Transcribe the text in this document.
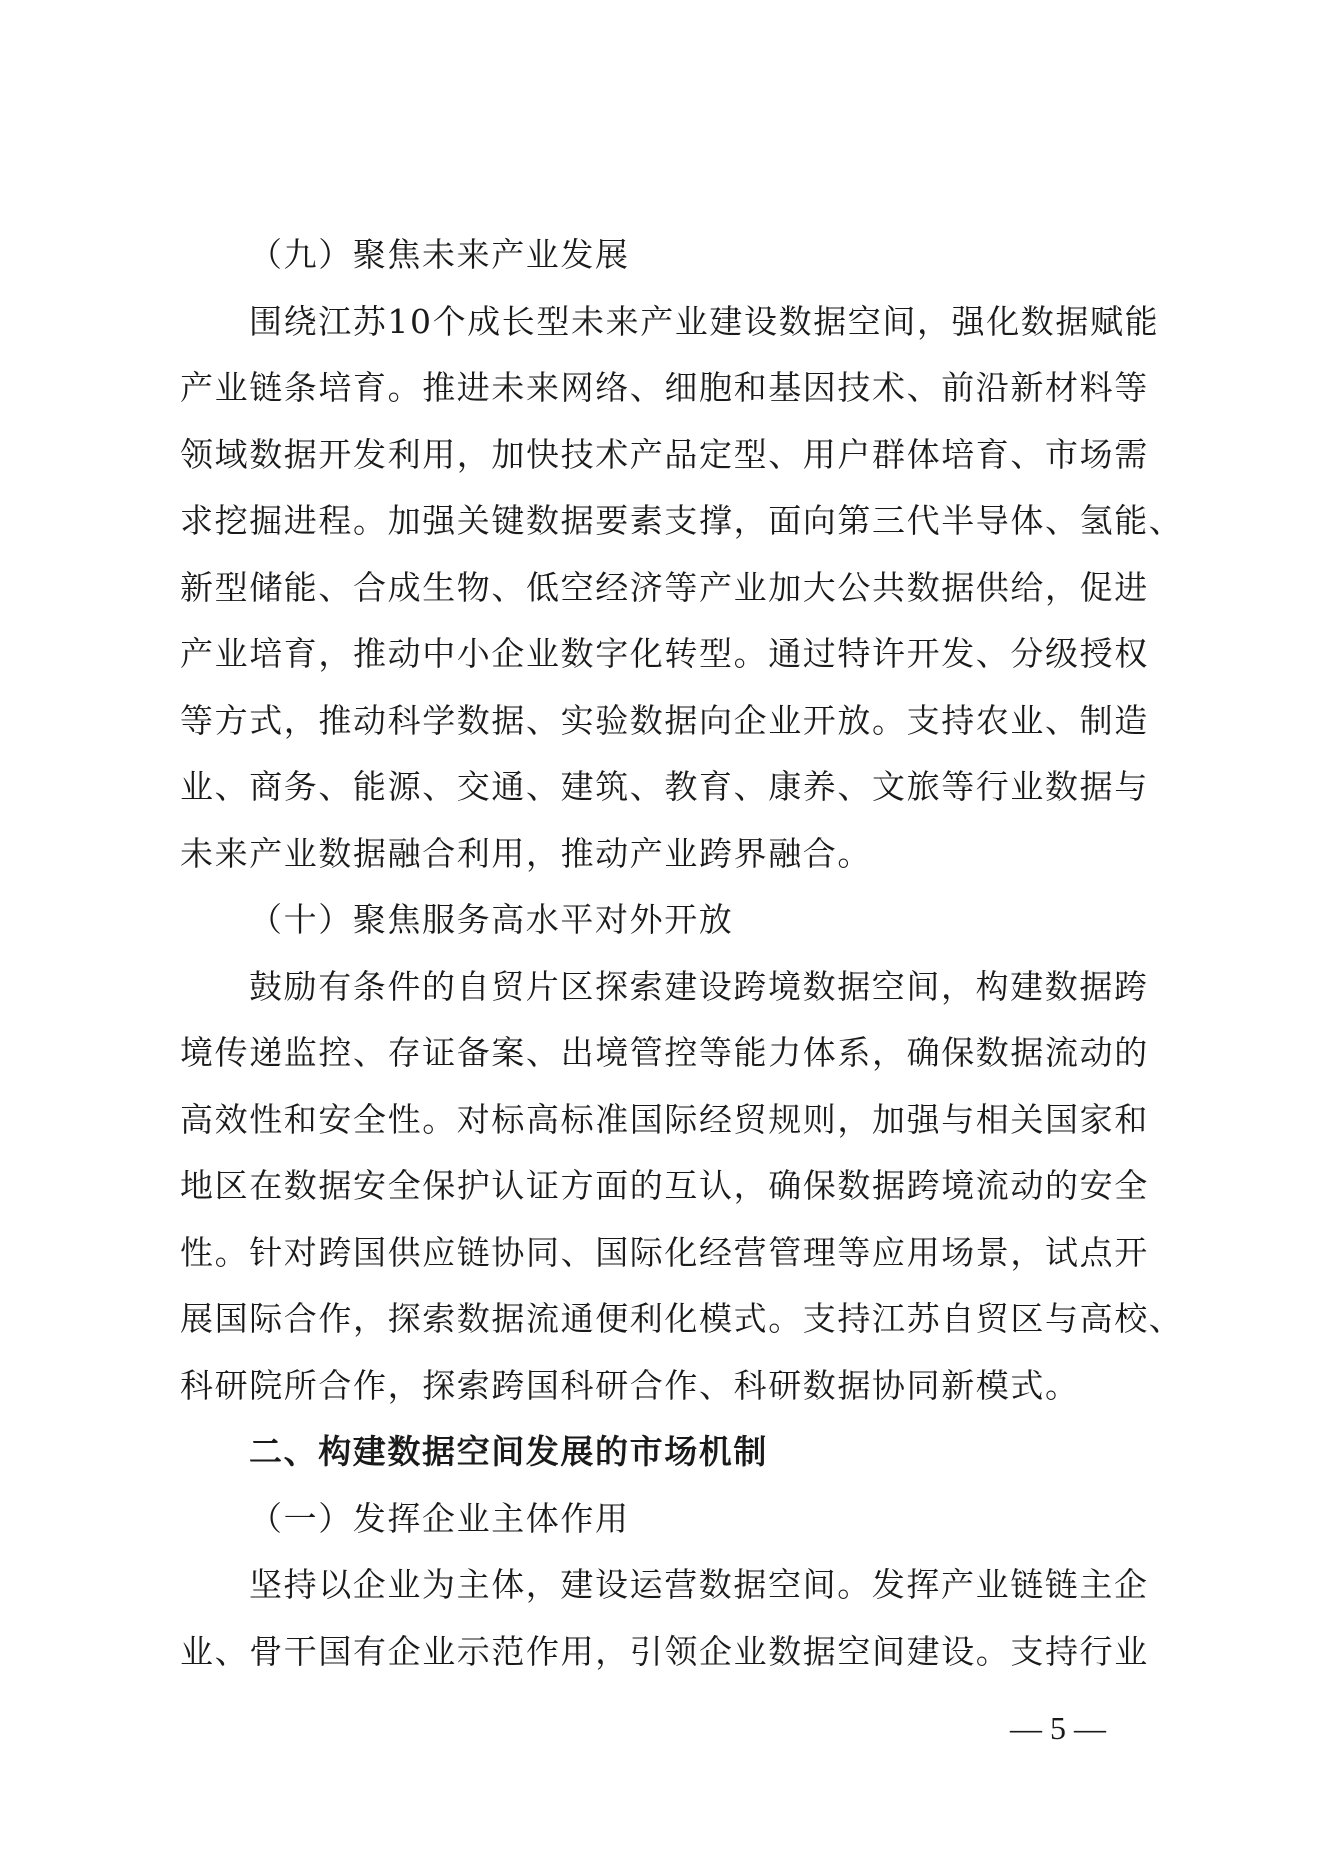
（九）聚焦未来产业发展
围绕江苏10个成长型未来产业建设数据空间，强化数据赋能
产业链条培育。推进未来网络、细胞和基因技术、前沿新材料等
领域数据开发利用，加快技术产品定型、用户群体培育、市场需
求挖掘进程。加强关键数据要素支撑，面向第三代半导体、氢能、
新型储能、合成生物、低空经济等产业加大公共数据供给，促进
产业培育，推动中小企业数字化转型。通过特许开发、分级授权
等方式，推动科学数据、实验数据向企业开放。支持农业、制造
业、商务、能源、交通、建筑、教育、康养、文旅等行业数据与
未来产业数据融合利用，推动产业跨界融合。
（十）聚焦服务高水平对外开放
鼓励有条件的自贸片区探索建设跨境数据空间，构建数据跨
境传递监控、存证备案、出境管控等能力体系，确保数据流动的
高效性和安全性。对标高标准国际经贸规则，加强与相关国家和
地区在数据安全保护认证方面的互认，确保数据跨境流动的安全
性。针对跨国供应链协同、国际化经营管理等应用场景，试点开
展国际合作，探索数据流通便利化模式。支持江苏自贸区与高校、
科研院所合作，探索跨国科研合作、科研数据协同新模式。
二、构建数据空间发展的市场机制
（一）发挥企业主体作用
坚持以企业为主体，建设运营数据空间。发挥产业链链主企
业、骨干国有企业示范作用，引领企业数据空间建设。支持行业
— 5 —
